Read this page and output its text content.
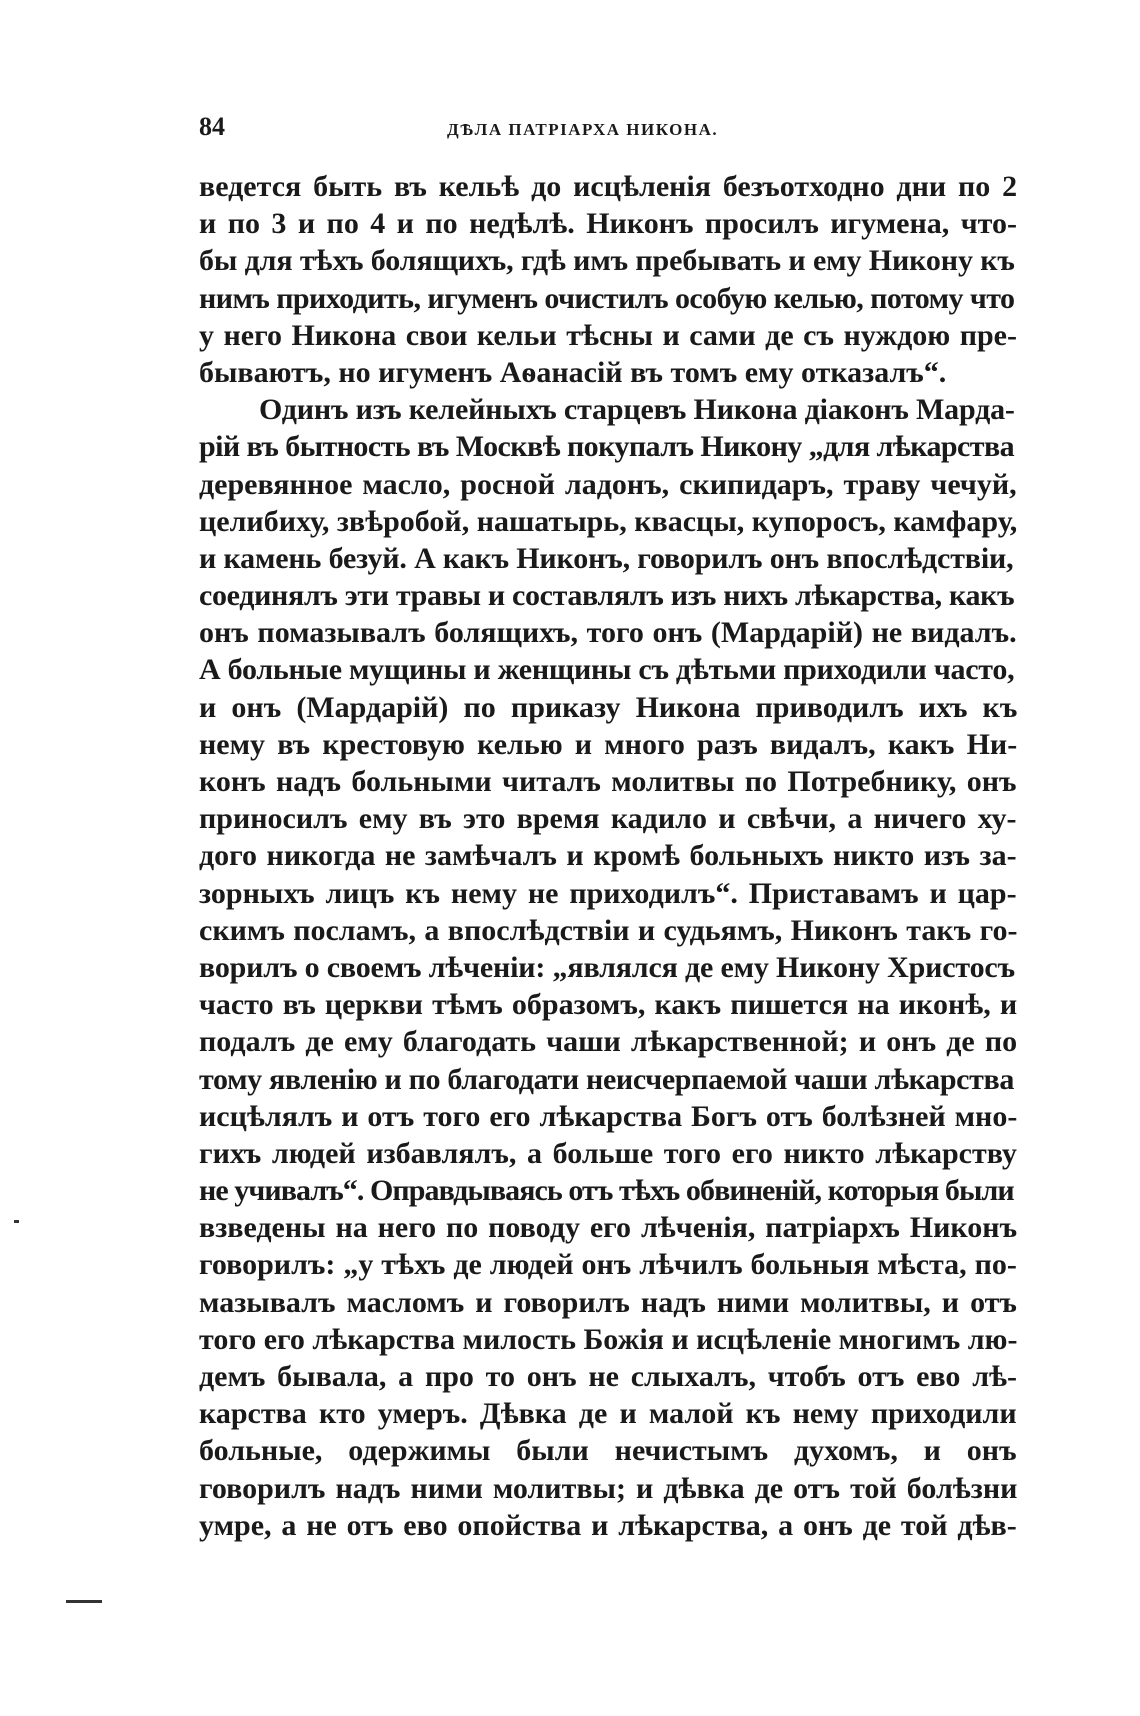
84	ДѢЛА ПАТРІАРХА НИКОНА.
ведется быть въ кельѣ до исцѣленія безъотходно дни по 2
и по 3 и по 4 и по недѣлѣ. Никонъ просилъ игумена, что-
бы для тѣхъ болящихъ, гдѣ имъ пребывать и ему Никону къ
нимъ приходить, игуменъ очистилъ особую келью, потому что
у него Никона свои кельи тѣсны и сами де съ нуждою пре-
бываютъ, но игуменъ Аѳанасій въ томъ ему отказалъ“.
Одинъ изъ келейныхъ старцевъ Никона діаконъ Марда-
рій въ бытность въ Москвѣ покупалъ Никону „для лѣкарства
деревянное масло, росной ладонъ, скипидаръ, траву чечуй,
целибиху, звѣробой, нашатырь, квасцы, купоросъ, камфару,
и камень безуй. А какъ Никонъ, говорилъ онъ впослѣдствіи,
соединялъ эти травы и составлялъ изъ нихъ лѣкарства, какъ
онъ помазывалъ болящихъ, того онъ (Мардарій) не видалъ.
А больные мущины и женщины съ дѣтьми приходили часто,
и онъ (Мардарій) по приказу Никона приводилъ ихъ къ
нему въ крестовую келью и много разъ видалъ, какъ Ни-
конъ надъ больными читалъ молитвы по Потребнику, онъ
приносилъ ему въ это время кадило и свѣчи, а ничего ху-
дого никогда не замѣчалъ и кромѣ больныхъ никто изъ за-
зорныхъ лицъ къ нему не приходилъ“. Приставамъ и цар-
скимъ посламъ, а впослѣдствіи и судьямъ, Никонъ такъ го-
ворилъ о своемъ лѣченіи: „являлся де ему Никону Христосъ
часто въ церкви тѣмъ образомъ, какъ пишется на иконѣ, и
подалъ де ему благодать чаши лѣкарственной; и онъ де по
тому явленію и по благодати неисчерпаемой чаши лѣкарства
исцѣлялъ и отъ того его лѣкарства Богъ отъ болѣзней мно-
гихъ людей избавлялъ, а больше того его никто лѣкарству
не учивалъ“. Оправдываясь отъ тѣхъ обвиненій, которыя были
взведены на него по поводу его лѣченія, патріархъ Никонъ
говорилъ: „у тѣхъ де людей онъ лѣчилъ больныя мѣста, по-
мазывалъ масломъ и говорилъ надъ ними молитвы, и отъ
того его лѣкарства милость Божія и исцѣленіе многимъ лю-
демъ бывала, а про то онъ не слыхалъ, чтобъ отъ ево лѣ-
карства кто умеръ. Дѣвка де и малой къ нему приходили
больные, одержимы были нечистымъ духомъ, и онъ
говорилъ надъ ними молитвы; и дѣвка де отъ той болѣзни
умре, а не отъ ево опойства и лѣкарства, а онъ де той дѣв-
